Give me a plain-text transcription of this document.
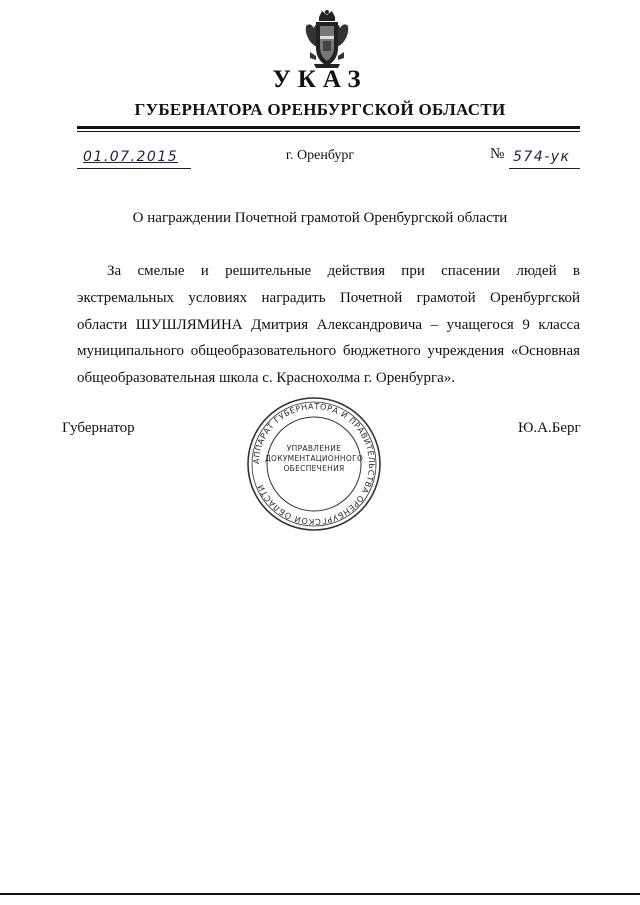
УКАЗ
ГУБЕРНАТОРА ОРЕНБУРГСКОЙ ОБЛАСТИ
01.07.2015	г. Оренбург	№ 574-ук
О награждении Почетной грамотой Оренбургской области

За смелые и решительные действия при спасении людей в экстремальных условиях наградить Почетной грамотой Оренбургской области ШУШЛЯМИНА Дмитрия Александровича – учащегося 9 класса муниципального общеобразовательного бюджетного учреждения «Основная общеобразовательная школа с. Краснохолма г. Оренбурга».

Губернатор	Ю.А.Берг
АППАРАТ ГУБЕРНАТОРА И ПРАВИТЕЛЬСТВА ОРЕНБУРГСКОЙ ОБЛАСТИ
УПРАВЛЕНИЕ
ДОКУМЕНТАЦИОННОГО
ОБЕСПЕЧЕНИЯ
